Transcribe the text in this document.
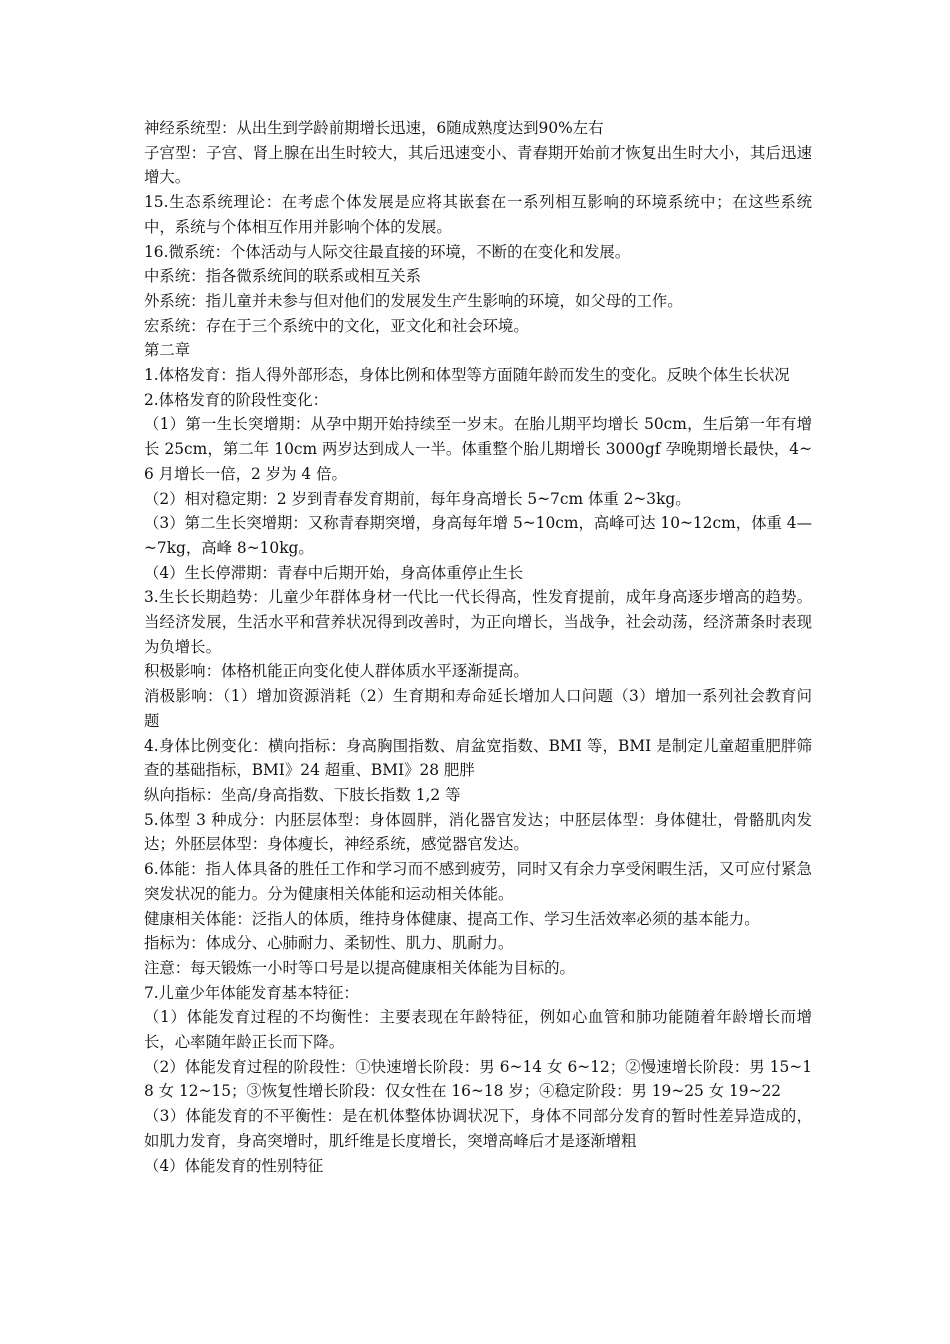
神经系统型：从出生到学龄前期增长迅速，6随成熟度达到90%左右

子宫型：子宫、肾上腺在出生时较大，其后迅速变小、青春期开始前才恢复出生时大小，其后迅速增大。

15.生态系统理论：在考虑个体发展是应将其嵌套在一系列相互影响的环境系统中；在这些系统中，系统与个体相互作用并影响个体的发展。

16.微系统：个体活动与人际交往最直接的环境，不断的在变化和发展。

中系统：指各微系统间的联系或相互关系

外系统：指儿童并未参与但对他们的发展发生产生影响的环境，如父母的工作。

宏系统：存在于三个系统中的文化，亚文化和社会环境。

第二章

1.体格发育：指人得外部形态，身体比例和体型等方面随年龄而发生的变化。反映个体生长状况

2.体格发育的阶段性变化：

（1）第一生长突增期：从孕中期开始持续至一岁末。在胎儿期平均增长 50cm，生后第一年有增长 25cm，第二年 10cm 两岁达到成人一半。体重整个胎儿期增长 3000gf 孕晚期增长最快，4~6 月增长一倍，2 岁为 4 倍。

（2）相对稳定期：2 岁到青春发育期前，每年身高增长 5~7cm 体重 2~3kg。

（3）第二生长突增期：又称青春期突增，身高每年增 5~10cm，高峰可达 10~12cm，体重 4—~7kg，高峰 8~10kg。

（4）生长停滞期：青春中后期开始，身高体重停止生长

3.生长长期趋势：儿童少年群体身材一代比一代长得高，性发育提前，成年身高逐步增高的趋势。当经济发展，生活水平和营养状况得到改善时，为正向增长，当战争，社会动荡，经济萧条时表现为负增长。

积极影响：体格机能正向变化使人群体质水平逐渐提高。

消极影响：（1）增加资源消耗（2）生育期和寿命延长增加人口问题（3）增加一系列社会教育问题

4.身体比例变化：横向指标：身高胸围指数、肩盆宽指数、BMI 等，BMI 是制定儿童超重肥胖筛查的基础指标，BMI》24 超重、BMI》28 肥胖

纵向指标：坐高/身高指数、下肢长指数 1,2 等

5.体型 3 种成分：内胚层体型：身体圆胖，消化器官发达；中胚层体型：身体健壮，骨骼肌肉发达；外胚层体型：身体瘦长，神经系统，感觉器官发达。

6.体能：指人体具备的胜任工作和学习而不感到疲劳，同时又有余力享受闲暇生活，又可应付紧急突发状况的能力。分为健康相关体能和运动相关体能。

健康相关体能：泛指人的体质，维持身体健康、提高工作、学习生活效率必须的基本能力。

指标为：体成分、心肺耐力、柔韧性、肌力、肌耐力。

注意：每天锻炼一小时等口号是以提高健康相关体能为目标的。

7.儿童少年体能发育基本特征：

（1）体能发育过程的不均衡性：主要表现在年龄特征，例如心血管和肺功能随着年龄增长而增长，心率随年龄正长而下降。

（2）体能发育过程的阶段性：①快速增长阶段：男 6~14 女 6~12；②慢速增长阶段：男 15~18 女 12~15；③恢复性增长阶段：仅女性在 16~18 岁；④稳定阶段：男 19~25 女 19~22

（3）体能发育的不平衡性：是在机体整体协调状况下，身体不同部分发育的暂时性差异造成的，如肌力发育，身高突增时，肌纤维是长度增长，突增高峰后才是逐渐增粗

（4）体能发育的性别特征
